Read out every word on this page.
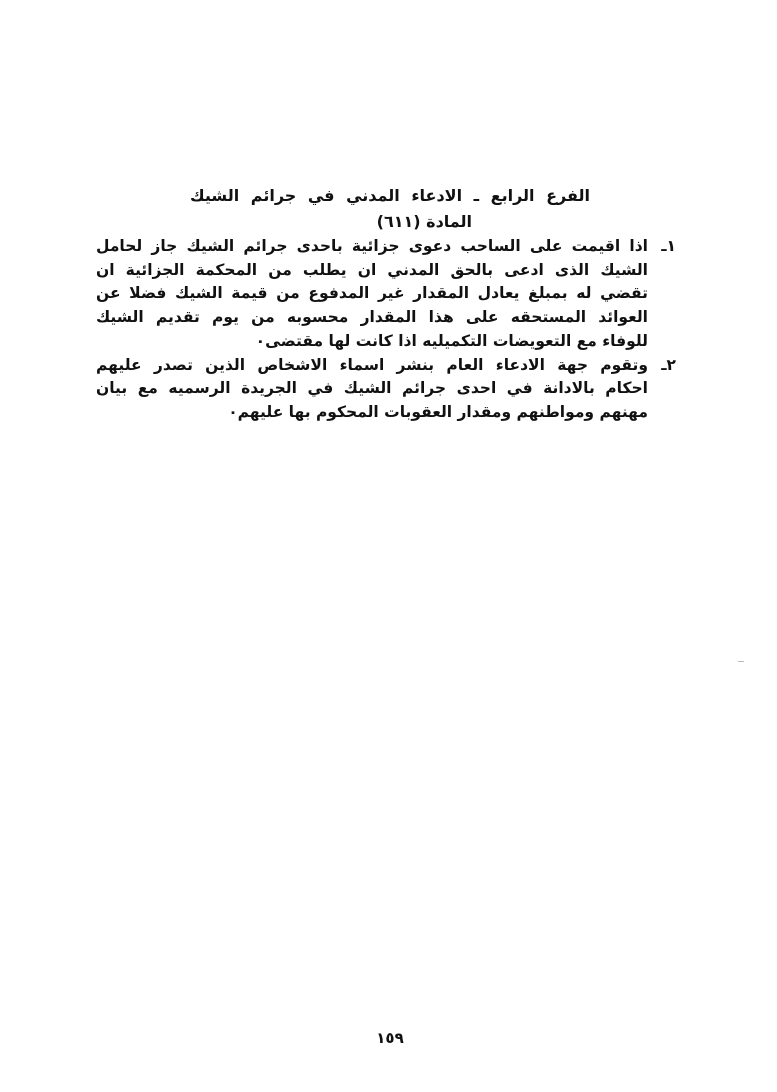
الفرع الرابع ـ الادعاء المدني في جرائم الشيك
المادة (٦١١)
١ـاذا اقيمت على الساحب دعوى جزائية باحدى جرائم الشيك جاز لحامل
الشيك الذى ادعى بالحق المدني ان يطلب من المحكمة الجزائية ان
تقضي له بمبلغ يعادل المقدار غير المدفوع من قيمة الشيك فضلا عن
العوائد المستحقه على هذا المقدار محسوبه من يوم تقديم الشيك
للوفاء مع التعويضات التكميليه اذا كانت لها مقتضى٠
٢ـوتقوم جهة الادعاء العام بنشر اسماء الاشخاص الذين تصدر عليهم
احكام بالادانة في احدى جرائم الشيك في الجريدة الرسميه مع بيان
مهنهم ومواطنهم ومقدار العقوبات المحكوم بها عليهم٠
١٥٩
